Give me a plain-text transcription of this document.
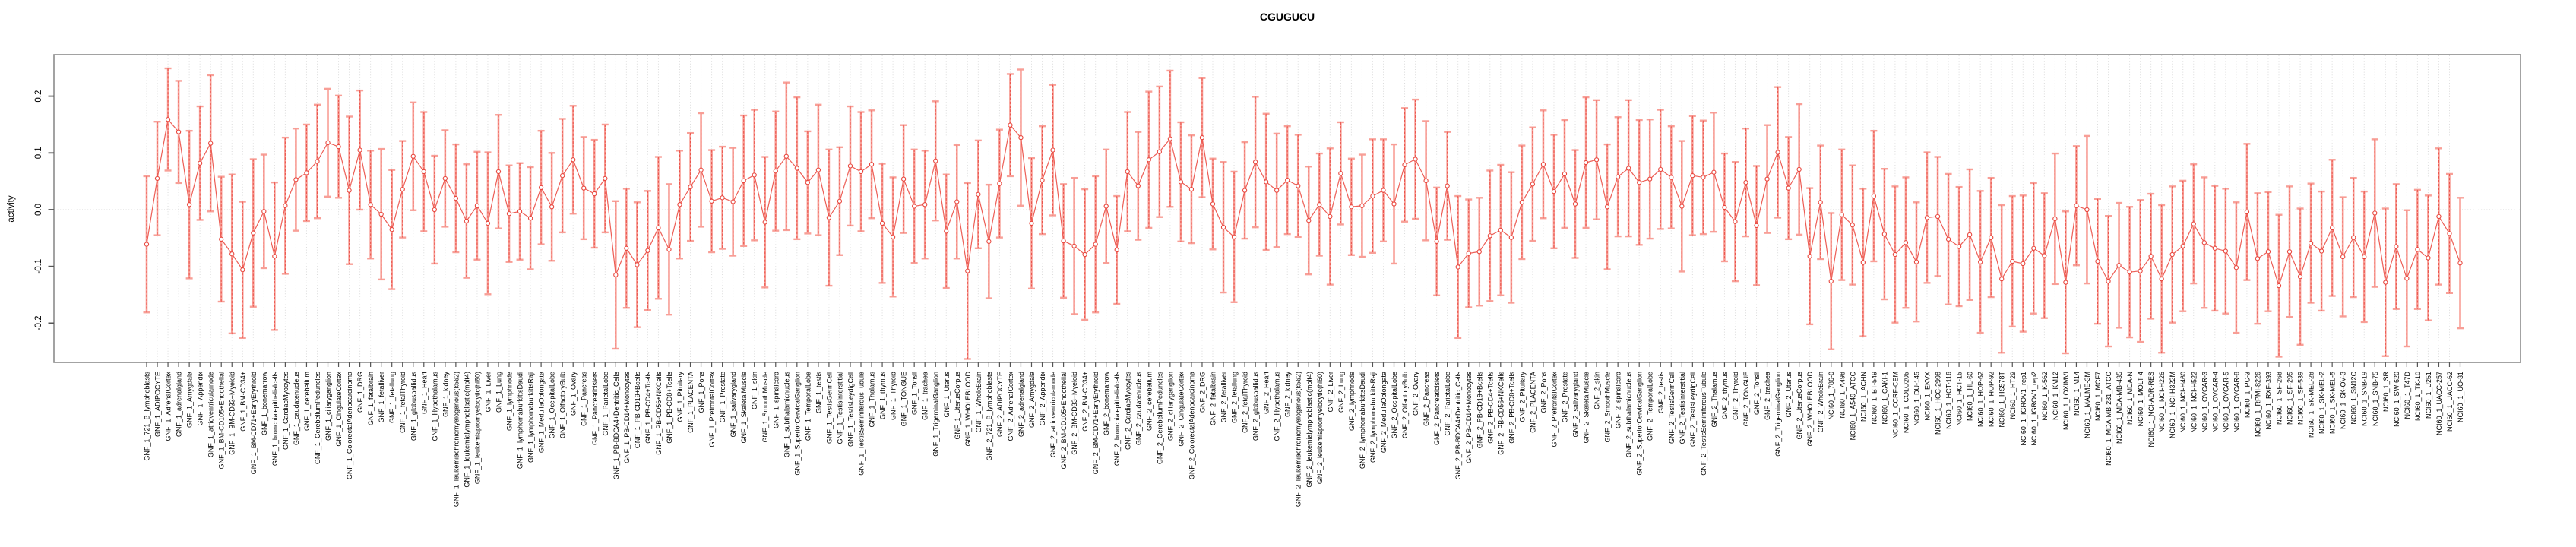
CGUGUCU
activity
-0.2
-0.1
0.0
0.1
0.2
GNF_1_721_B_lymphoblasts GNF_1_ADIPOCYTE GNF_1_AdrenalCortex GNF_1_adrenalgland GNF_1_Amygdala GNF_1_Appendix GNF_1_atrioventricularnode GNF_1_BM-CD105+Endothelial GNF_1_BM-CD33+Myeloid GNF_1_BM-CD34+ GNF_1_BM-CD71+EarlyErythroid GNF_1_bonemarrow GNF_1_bronchialepithelialcells GNF_1_CardiacMyocytes GNF_1_caudatenucleus GNF_1_cerebellum GNF_1_CerebellumPeduncles GNF_1_ciliaryganglion GNF_1_CingulateCortex GNF_1_ColorectalAdenocarcinoma GNF_1_DRG GNF_1_fetalbrain GNF_1_fetalliver GNF_1_fetallung GNF_1_fetalThyroid GNF_1_globuspallidus GNF_1_Heart GNF_1_Hypothalamus GNF_1_kidney GNF_1_leukemiachronicmyelogenous(k562) GNF_1_leukemialymphoblastic(molt4) GNF_1_leukemiapromyelocytic(hl60) GNF_1_Liver GNF_1_Lung GNF_1_lymphnode GNF_1_lymphomaburkittsDaudi GNF_1_lymphomaburkittsRaji GNF_1_MedullaOblongata GNF_1_OccipitalLobe GNF_1_OlfactoryBulb GNF_1_Ovary GNF_1_Pancreas GNF_1_Pancreaticislets GNF_1_ParietalLobe GNF_1_PB-BDCA4+Dentritic_Cells GNF_1_PB-CD14+Monocytes GNF_1_PB-CD19+Bcells GNF_1_PB-CD4+Tcells GNF_1_PB-CD56+NKCells GNF_1_PB-CD8+Tcells GNF_1_Pituitary GNF_1_PLACENTA GNF_1_Pons GNF_1_PrefrontalCortex GNF_1_Prostate GNF_1_salivarygland GNF_1_SkeletalMuscle GNF_1_skin GNF_1_SmoothMuscle GNF_1_spinalcord GNF_1_subthalamicnucleus GNF_1_SuperiorCervicalGanglion GNF_1_TemporalLobe GNF_1_testis GNF_1_TestisGermCell GNF_1_TestisInterstitial GNF_1_TestisLeydigCell GNF_1_TestisSeminiferousTubule GNF_1_Thalamus GNF_1_thymus GNF_1_Thyroid GNF_1_TONGUE GNF_1_Tonsil GNF_1_trachea GNF_1_TrigeminalGanglion GNF_1_Uterus GNF_1_UterusCorpus GNF_1_WHOLEBLOOD GNF_1_WholeBrain GNF_2_721_B_lymphoblasts GNF_2_ADIPOCYTE GNF_2_AdrenalCortex GNF_2_adrenalgland GNF_2_Amygdala GNF_2_Appendix GNF_2_atrioventricularnode GNF_2_BM-CD105+Endothelial GNF_2_BM-CD33+Myeloid GNF_2_BM-CD34+ GNF_2_BM-CD71+EarlyErythroid GNF_2_bonemarrow GNF_2_bronchialepithelialcells GNF_2_CardiacMyocytes GNF_2_caudatenucleus GNF_2_cerebellum GNF_2_CerebellumPeduncles GNF_2_ciliaryganglion GNF_2_CingulateCortex GNF_2_ColorectalAdenocarcinoma GNF_2_DRG GNF_2_fetalbrain GNF_2_fetalliver GNF_2_fetallung GNF_2_fetalThyroid GNF_2_globuspallidus GNF_2_Heart GNF_2_Hypothalamus GNF_2_kidney GNF_2_leukemiachronicmyelogenous(k562) GNF_2_leukemialymphoblastic(molt4) GNF_2_leukemiapromyelocytic(hl60) GNF_2_Liver GNF_2_Lung GNF_2_lymphnode GNF_2_lymphomaburkittsDaudi GNF_2_lymphomaburkittsRaji GNF_2_MedullaOblongata GNF_2_OccipitalLobe GNF_2_OlfactoryBulb GNF_2_Ovary GNF_2_Pancreas GNF_2_Pancreaticislets GNF_2_ParietalLobe GNF_2_PB-BDCA4+Dentritic_Cells GNF_2_PB-CD14+Monocytes GNF_2_PB-CD19+Bcells GNF_2_PB-CD4+Tcells GNF_2_PB-CD56+NKCells GNF_2_PB-CD8+Tcells GNF_2_Pituitary GNF_2_PLACENTA GNF_2_Pons GNF_2_PrefrontalCortex GNF_2_Prostate GNF_2_salivarygland GNF_2_SkeletalMuscle GNF_2_skin GNF_2_SmoothMuscle GNF_2_spinalcord GNF_2_subthalamicnucleus GNF_2_SuperiorCervicalGanglion GNF_2_TemporalLobe GNF_2_testis GNF_2_TestisGermCell GNF_2_TestisInterstitial GNF_2_TestisLeydigCell GNF_2_TestisSeminiferousTubule GNF_2_Thalamus GNF_2_thymus GNF_2_Thyroid GNF_2_TONGUE GNF_2_Tonsil GNF_2_trachea GNF_2_TrigeminalGanglion GNF_2_Uterus GNF_2_UterusCorpus GNF_2_WHOLEBLOOD GNF_2_WholeBrain NCI60_1_786-0 NCI60_1_A498 NCI60_1_A549_ATCC NCI60_1_ACHN NCI60_1_BT-549 NCI60_1_CAKI-1 NCI60_1_CCRF-CEM NCI60_1_COLO205 NCI60_1_DU-145 NCI60_1_EKVX NCI60_1_HCC-2998 NCI60_1_HCT-116 NCI60_1_HCT-15 NCI60_1_HL-60 NCI60_1_HOP-62 NCI60_1_HOP-92 NCI60_1_HS578T NCI60_1_HT29 NCI60_1_IGROV1_rep1 NCI60_1_IGROV1_rep2 NCI60_1_K-562 NCI60_1_KM12 NCI60_1_LOXIMVI NCI60_1_M14 NCI60_1_MALME-3M NCI60_1_MCF7 NCI60_1_MDA-MB-231_ATCC NCI60_1_MDA-MB-435 NCI60_1_MDA-N NCI60_1_MOLT-4 NCI60_1_NCI-ADR-RES NCI60_1_NCI-H226 NCI60_1_NCI-H322M NCI60_1_NCI-H460 NCI60_1_NCI-H522 NCI60_1_OVCAR-3 NCI60_1_OVCAR-4 NCI60_1_OVCAR-5 NCI60_1_OVCAR-8 NCI60_1_PC-3 NCI60_1_RPMI-8226 NCI60_1_RXF-393 NCI60_1_SF-268 NCI60_1_SF-295 NCI60_1_SF-539 NCI60_1_SK-MEL-28 NCI60_1_SK-MEL-2 NCI60_1_SK-MEL-5 NCI60_1_SK-OV-3 NCI60_1_SN12C NCI60_1_SNB-19 NCI60_1_SNB-75 NCI60_1_SR NCI60_1_SW-620 NCI60_1_T47D NCI60_1_TK-10 NCI60_1_U251 NCI60_1_UACC-257 NCI60_1_UACC-62 NCI60_1_UO-31
